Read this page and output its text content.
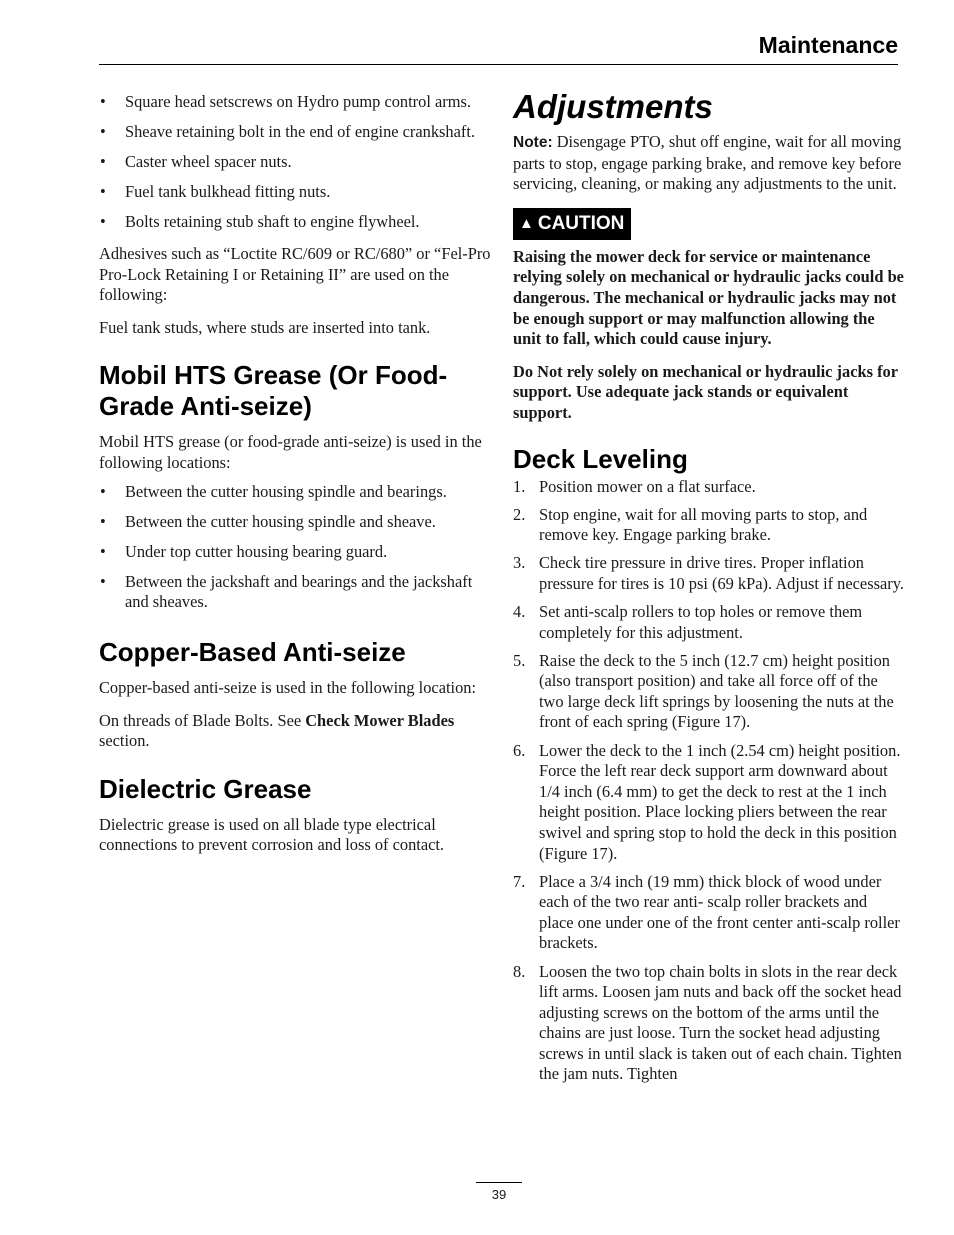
Maintenance
• Square head setscrews on Hydro pump control arms.
• Sheave retaining bolt in the end of engine crankshaft.
• Caster wheel spacer nuts.
• Fuel tank bulkhead fitting nuts.
• Bolts retaining stub shaft to engine flywheel.

Adhesives such as “Loctite RC/609 or RC/680” or “Fel-Pro Pro-Lock Retaining I or Retaining II” are used on the following:

Fuel tank studs, where studs are inserted into tank.

Mobil HTS Grease (Or Food-Grade Anti-seize)

Mobil HTS grease (or food-grade anti-seize) is used in the following locations:

• Between the cutter housing spindle and bearings.
• Between the cutter housing spindle and sheave.
• Under top cutter housing bearing guard.
• Between the jackshaft and bearings and the jackshaft and sheaves.
Copper-Based Anti-seize

Copper-based anti-seize is used in the following location:

On threads of Blade Bolts. See Check Mower Blades section.

Dielectric Grease

Dielectric grease is used on all blade type electrical connections to prevent corrosion and loss of contact.

Adjustments

Note: Disengage PTO, shut off engine, wait for all moving parts to stop, engage parking brake, and remove key before servicing, cleaning, or making any adjustments to the unit.

▲ CAUTION

Raising the mower deck for service or maintenance relying solely on mechanical or hydraulic jacks could be dangerous. The mechanical or hydraulic jacks may not be enough support or may malfunction allowing the unit to fall, which could cause injury.

Do Not rely solely on mechanical or hydraulic jacks for support. Use adequate jack stands or equivalent support.

Deck Leveling
1. Position mower on a flat surface.
2. Stop engine, wait for all moving parts to stop, and remove key. Engage parking brake.
3. Check tire pressure in drive tires. Proper inflation pressure for tires is 10 psi (69 kPa). Adjust if necessary.
4. Set anti-scalp rollers to top holes or remove them completely for this adjustment.
5. Raise the deck to the 5 inch (12.7 cm) height position (also transport position) and take all force off of the two large deck lift springs by loosening the nuts at the front of each spring (Figure 17).
6. Lower the deck to the 1 inch (2.54 cm) height position. Force the left rear deck support arm downward about 1/4 inch (6.4 mm) to get the deck to rest at the 1 inch height position. Place locking pliers between the rear swivel and spring stop to hold the deck in this position (Figure 17).
7. Place a 3/4 inch (19 mm) thick block of wood under each of the two rear anti- scalp roller brackets and place one under one of the front center anti-scalp roller brackets.
8. Loosen the two top chain bolts in slots in the rear deck lift arms. Loosen jam nuts and back off the socket head adjusting screws on the bottom of the arms until the chains are just loose. Turn the socket head adjusting screws in until slack is taken out of each chain. Tighten the jam nuts. Tighten
39
